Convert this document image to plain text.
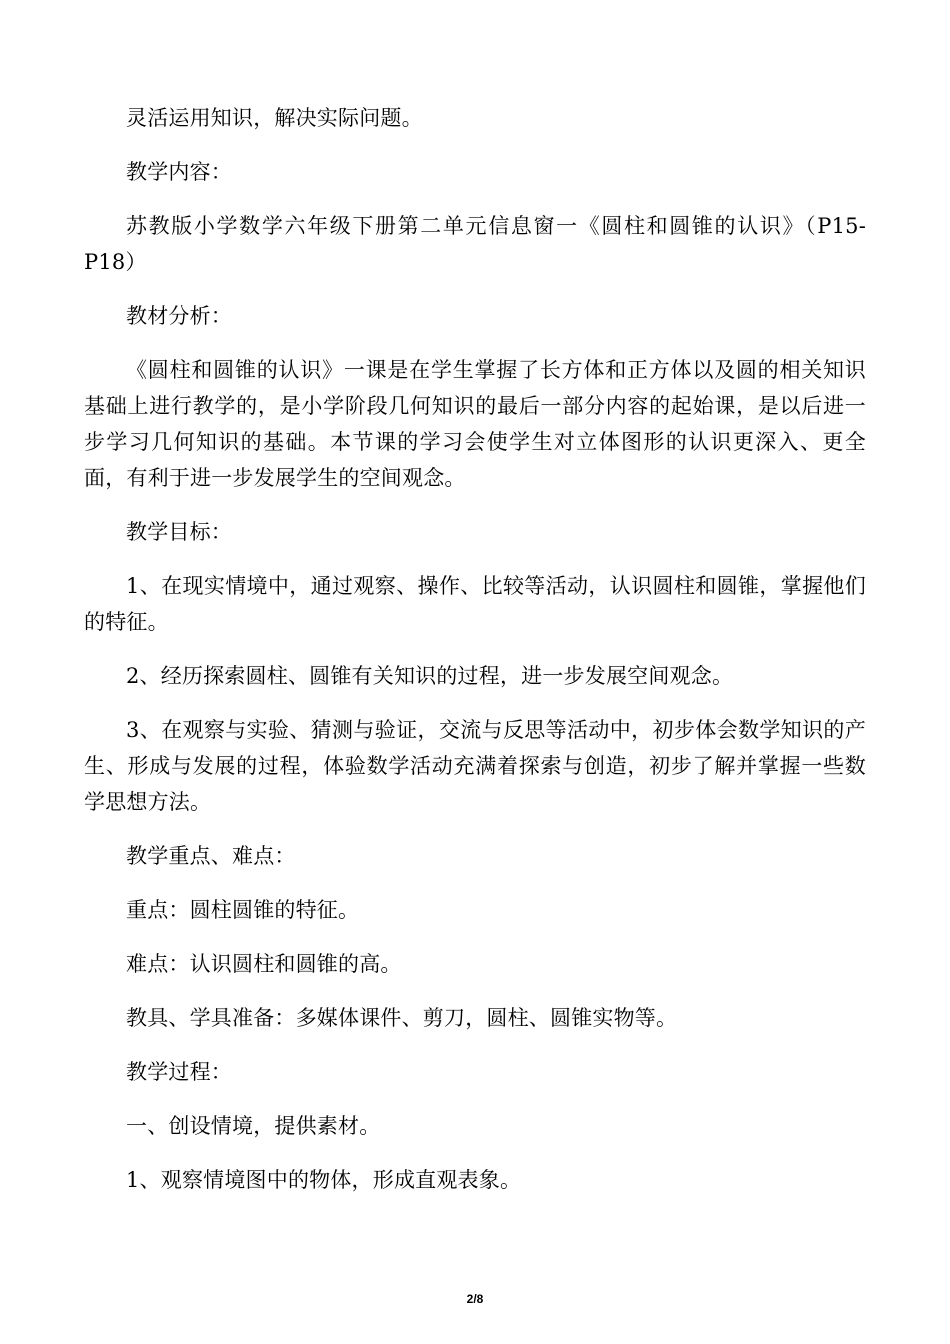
灵活运用知识，解决实际问题。

教学内容：

苏教版小学数学六年级下册第二单元信息窗一《圆柱和圆锥的认识》（P15-P18）

教材分析：

《圆柱和圆锥的认识》一课是在学生掌握了长方体和正方体以及圆的相关知识基础上进行教学的，是小学阶段几何知识的最后一部分内容的起始课，是以后进一步学习几何知识的基础。本节课的学习会使学生对立体图形的认识更深入、更全面，有利于进一步发展学生的空间观念。

教学目标：

1、在现实情境中，通过观察、操作、比较等活动，认识圆柱和圆锥，掌握他们的特征。

2、经历探索圆柱、圆锥有关知识的过程，进一步发展空间观念。

3、在观察与实验、猜测与验证，交流与反思等活动中，初步体会数学知识的产生、形成与发展的过程，体验数学活动充满着探索与创造，初步了解并掌握一些数学思想方法。

教学重点、难点：

重点：圆柱圆锥的特征。

难点：认识圆柱和圆锥的高。

教具、学具准备：多媒体课件、剪刀，圆柱、圆锥实物等。

教学过程：

一、创设情境，提供素材。

1、观察情境图中的物体，形成直观表象。

2/8
